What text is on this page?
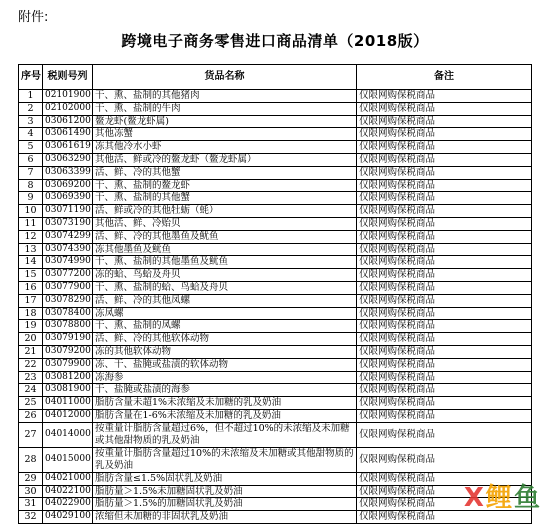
附件:
跨境电子商务零售进口商品清单（2018版）
序号	税则号列	货品名称	备注
1	02101900	干、熏、盐制的其他猪肉	仅限网购保税商品
2	02102000	干、熏、盐制的牛肉	仅限网购保税商品
3	03061200	鳌龙虾(鳌龙虾属)	仅限网购保税商品
4	03061490	其他冻蟹	仅限网购保税商品
5	03061619	冻其他冷水小虾	仅限网购保税商品
6	03063290	其他活、鲜或冷的鳌龙虾（鳌龙虾属）	仅限网购保税商品
7	03063399	活、鲜、冷的其他蟹	仅限网购保税商品
8	03069200	干、熏、盐制的鳌龙虾	仅限网购保税商品
9	03069390	干、熏、盐制的其他蟹	仅限网购保税商品
10	03071190	活、鲜或冷的其他牡蛎（蚝）	仅限网购保税商品
11	03073190	其他活、鲜、冷贻贝	仅限网购保税商品
12	03074299	活、鲜、冷的其他墨鱼及鱿鱼	仅限网购保税商品
13	03074390	冻其他墨鱼及鱿鱼	仅限网购保税商品
14	03074990	干、熏、盐制的其他墨鱼及鱿鱼	仅限网购保税商品
15	03077200	冻的蛤、鸟蛤及舟贝	仅限网购保税商品
16	03077900	干、熏、盐制的蛤、鸟蛤及舟贝	仅限网购保税商品
17	03078290	活、鲜、冷的其他凤螺	仅限网购保税商品
18	03078400	冻凤螺	仅限网购保税商品
19	03078800	干、熏、盐制的凤螺	仅限网购保税商品
20	03079190	活、鲜、冷的其他软体动物	仅限网购保税商品
21	03079200	冻的其他软体动物	仅限网购保税商品
22	03079900	冻、干、盐腌或盐渍的软体动物	仅限网购保税商品
23	03081200	冻海参	仅限网购保税商品
24	03081900	干、盐腌或盐渍的海参	仅限网购保税商品
25	04011000	脂肪含量未超1%未浓缩及未加糖的乳及奶油	仅限网购保税商品
26	04012000	脂肪含量在1-6%未浓缩及未加糖的乳及奶油	仅限网购保税商品
27	04014000	按重量计脂肪含量超过6%，但不超过10%的未浓缩及未加糖或其他甜物质的乳及奶油	仅限网购保税商品
28	04015000	按重量计脂肪含量超过10%的未浓缩及未加糖或其他甜物质的乳及奶油	仅限网购保税商品
29	04021000	脂肪含量≤1.5%固状乳及奶油	仅限网购保税商品
30	04022100	脂肪量＞1.5%未加糖固状乳及奶油	仅限网购保税商品
31	04022900	脂肪量＞1.5%的加糖固状乳及奶油	仅限网购保税商品
32	04029100	浓缩但未加糖的非固状乳及奶油	仅限网购保税商品
X鲤鱼
